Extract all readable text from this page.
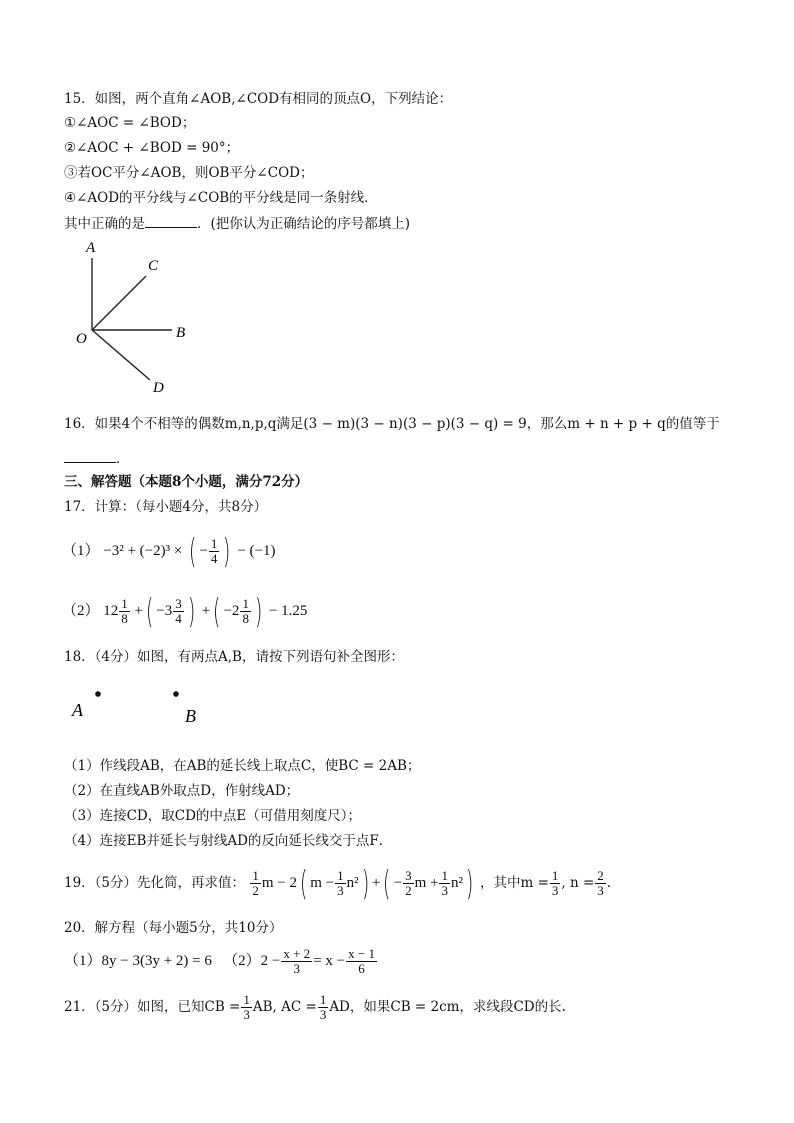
15．如图，两个直角∠AOB,∠COD有相同的顶点O，下列结论：
①∠AOC = ∠BOD；
②∠AOC + ∠BOD = 90°；
③若OC平分∠AOB，则OB平分∠COD；
④∠AOD的平分线与∠COB的平分线是同一条射线．
其中正确的是	．(把你认为正确结论的序号都填上)
A
C
B
O
D
16．如果4个不相等的偶数m,n,p,q满足(3 − m)(3 − n)(3 − p)(3 − q) = 9，那么m + n + p + q的值等于
．
三、解答题（本题8个小题，满分72分）
17．计算：（每小题4分，共8分）
（1） −3² + (−2)³ × ( − $\frac{1}{4}$ ) − (−1)
（2） $12 \frac{1}{8}$ +( $-3 \frac{3}{4}$ ) +( $-2 \frac{1}{8}$ ) − 1.25
18．（4分）如图，有两点A,B，请按下列语句补全图形：
A	B
（1）作线段AB，在AB的延长线上取点C，使BC = 2AB；
（2）在直线AB外取点D，作射线AD；
（3）连接CD，取CD的中点E（可借用刻度尺）；
（4）连接EB并延长与射线AD的反向延长线交于点F．
19．（5分）先化简，再求值： $\frac{1}{2}$ m − 2( $m - \frac{1}{3} n^2$) +( − $\frac{3}{2}$ $m + \frac{1}{3} n^2$) ，其中$m = \frac{1}{3}$ , $n = \frac{2}{3}$ .
20．解方程（每小题5分，共10分）
（1）8y − 3(3y + 2) = 6 $(2)2 - \frac{x + 2}{3} = x - \frac{x - 1}{6}$
21．（5分）如图，已知CB = $\frac{1}{3}$ AB, AC = $\frac{1}{3}$ AD，如果CB = 2cm，求线段CD的长.
